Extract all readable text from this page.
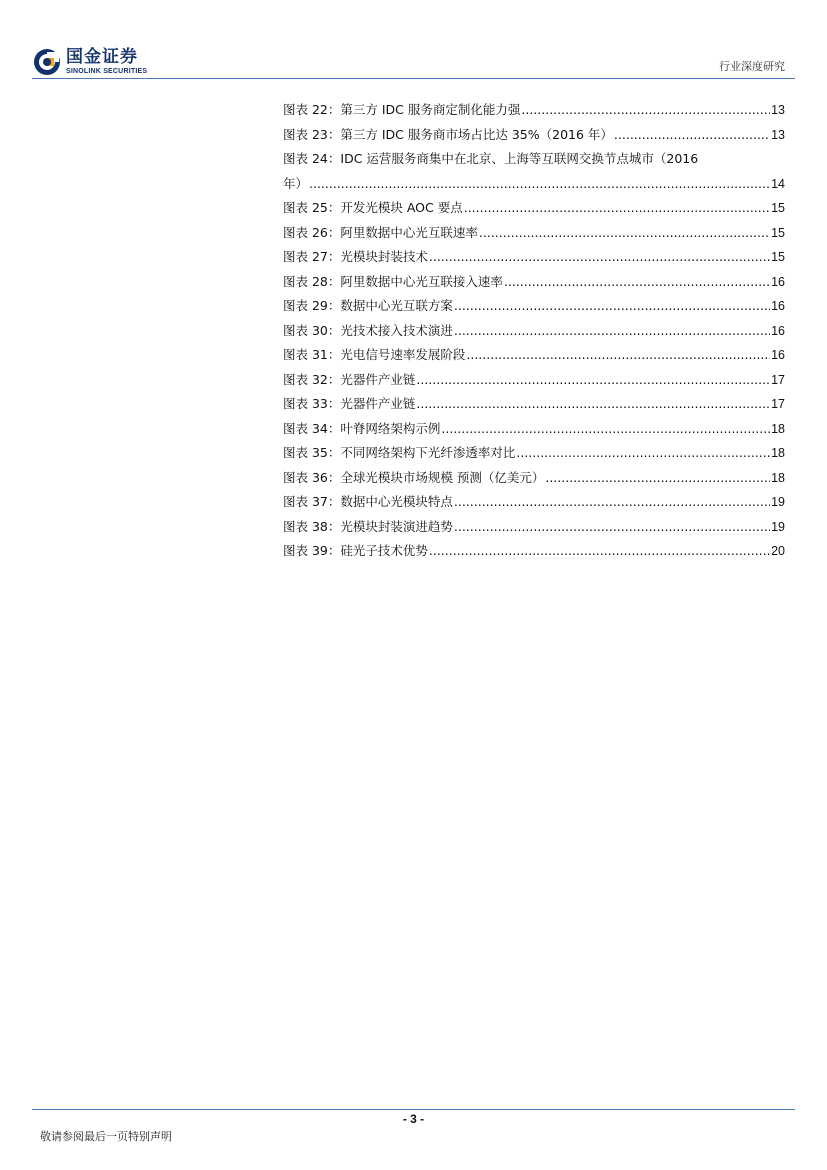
国金证券
SINOLINK SECURITIES	行业深度研究
图表 22：第三方 IDC 服务商定制化能力强 .....	13
图表 23：第三方 IDC 服务商市场占比达 35%（2016 年） .....	13
图表 24：IDC 运营服务商集中在北京、上海等互联网交换节点城市（2016
年） .....	14
图表 25：开发光模块 AOC 要点 .....	15
图表 26：阿里数据中心光互联速率 .....	15
图表 27：光模块封装技术 .....	15
图表 28：阿里数据中心光互联接入速率 .....	16
图表 29：数据中心光互联方案 .....	16
图表 30：光技术接入技术演进 .....	16
图表 31：光电信号速率发展阶段 .....	16
图表 32：光器件产业链 .....	17
图表 33：光器件产业链 .....	17
图表 34：叶脊网络架构示例 .....	18
图表 35：不同网络架构下光纤渗透率对比 .....	18
图表 36：全球光模块市场规模 预测（亿美元） .....	18
图表 37：数据中心光模块特点 .....	19
图表 38：光模块封装演进趋势 .....	19
图表 39：硅光子技术优势 .....	20
- 3 -
敬请参阅最后一页特别声明
